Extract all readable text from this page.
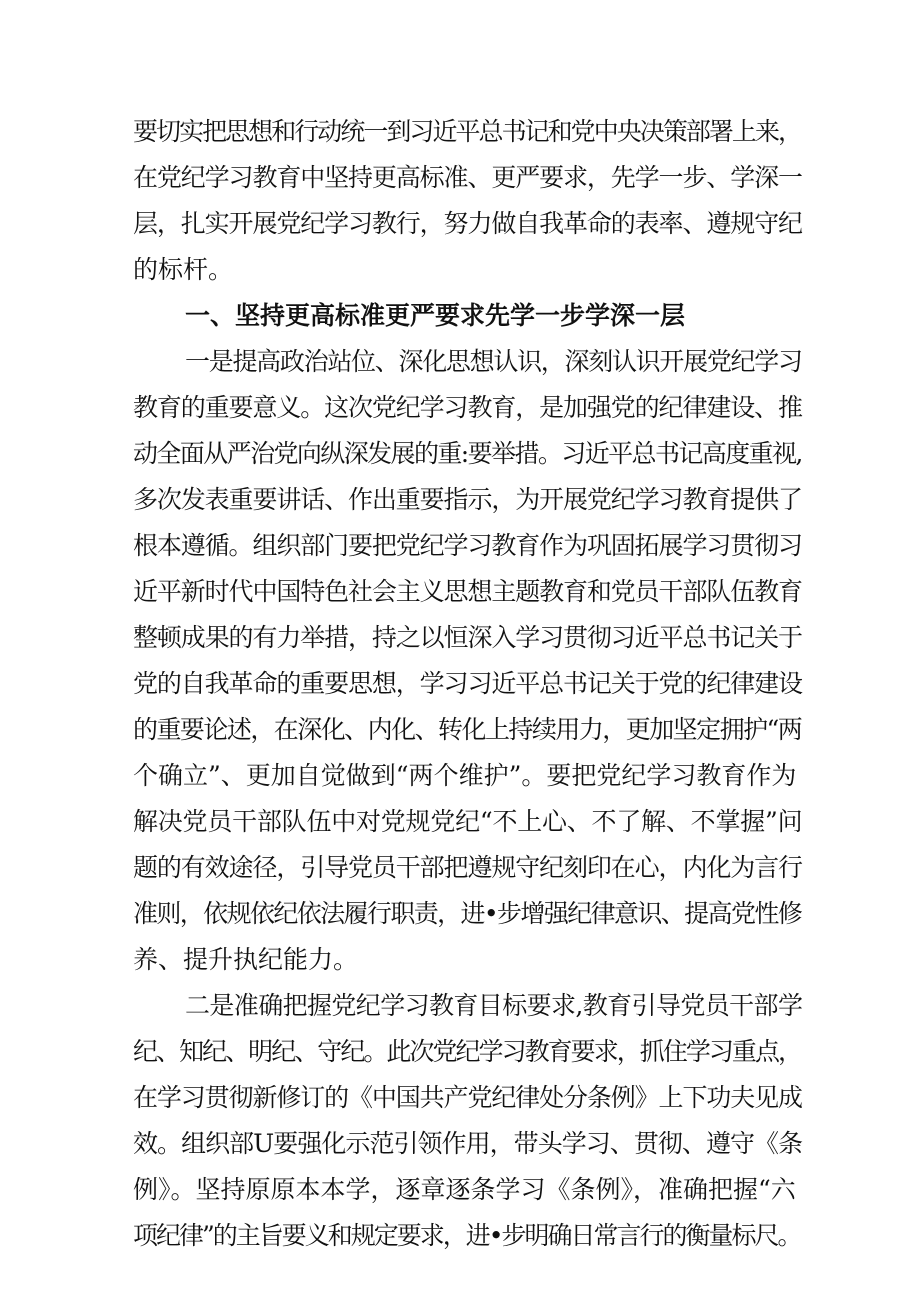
要切实把思想和行动统一到习近平总书记和党中央决策部署上来，
在党纪学习教育中坚持更高标准、更严要求，先学一步、学深一
层，扎实开展党纪学习教行，努力做自我革命的表率、遵规守纪
的标杆。
一、坚持更高标准更严要求先学一步学深一层
一是提高政治站位、深化思想认识，深刻认识开展党纪学习
教育的重要意义。这次党纪学习教育，是加强党的纪律建设、推
动全面从严治党向纵深发展的重:要举措。习近平总书记高度重视,
多次发表重要讲话、作出重要指示，为开展党纪学习教育提供了
根本遵循。组织部门要把党纪学习教育作为巩固拓展学习贯彻习
近平新时代中国特色社会主义思想主题教育和党员干部队伍教育
整顿成果的有力举措，持之以恒深入学习贯彻习近平总书记关于
党的自我革命的重要思想，学习习近平总书记关于党的纪律建设
的重要论述，在深化、内化、转化上持续用力，更加坚定拥护“两
个确立”、更加自觉做到“两个维护”。要把党纪学习教育作为
解决党员干部队伍中对党规党纪“不上心、不了解、不掌握”问
题的有效途径，引导党员干部把遵规守纪刻印在心，内化为言行
准则，依规依纪依法履行职责，进•步增强纪律意识、提高党性修
养、提升执纪能力。
二是准确把握党纪学习教育目标要求,教育引导党员干部学
纪、知纪、明纪、守纪。此次党纪学习教育要求，抓住学习重点，
在学习贯彻新修订的《中国共产党纪律处分条例》上下功夫见成
效。组织部U要强化示范引领作用，带头学习、贯彻、遵守《条
例》。坚持原原本本学，逐章逐条学习《条例》，准确把握“六
项纪律”的主旨要义和规定要求，进•步明确日常言行的衡量标尺。
